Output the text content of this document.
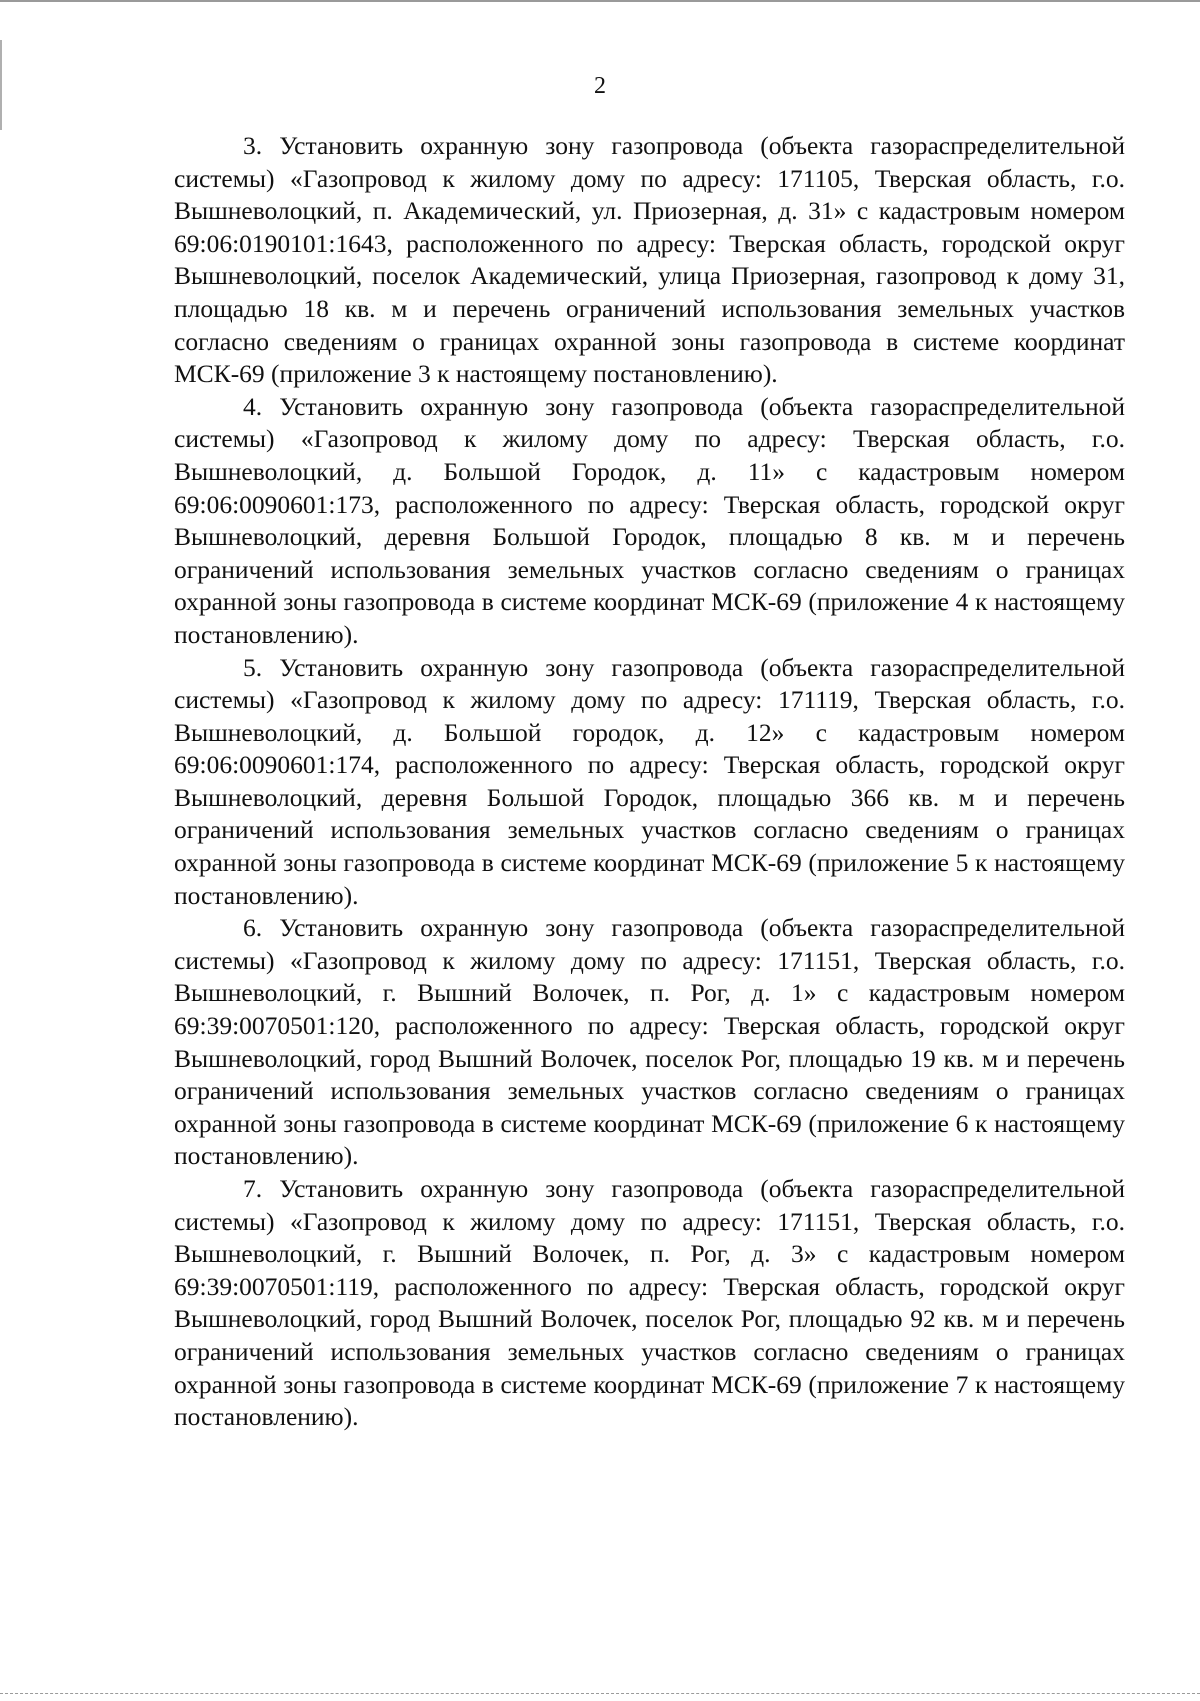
2

3. Установить охранную зону газопровода (объекта газораспределительной системы) «Газопровод к жилому дому по адресу: 171105, Тверская область, г.о. Вышневолоцкий, п. Академический, ул. Приозерная, д. 31» с кадастровым номером 69:06:0190101:1643, расположенного по адресу: Тверская область, городской округ Вышневолоцкий, поселок Академический, улица Приозерная, газопровод к дому 31, площадью 18 кв. м и перечень ограничений использования земельных участков согласно сведениям о границах охранной зоны газопровода в системе координат МСК-69 (приложение 3 к настоящему постановлению).

4. Установить охранную зону газопровода (объекта газораспределительной системы) «Газопровод к жилому дому по адресу: Тверская область, г.о. Вышневолоцкий, д. Большой Городок, д. 11» с кадастровым номером 69:06:0090601:173, расположенного по адресу: Тверская область, городской округ Вышневолоцкий, деревня Большой Городок, площадью 8 кв. м и перечень ограничений использования земельных участков согласно сведениям о границах охранной зоны газопровода в системе координат МСК-69 (приложение 4 к настоящему постановлению).

5. Установить охранную зону газопровода (объекта газораспределительной системы) «Газопровод к жилому дому по адресу: 171119, Тверская область, г.о. Вышневолоцкий, д. Большой городок, д. 12» с кадастровым номером 69:06:0090601:174, расположенного по адресу: Тверская область, городской округ Вышневолоцкий, деревня Большой Городок, площадью 366 кв. м и перечень ограничений использования земельных участков согласно сведениям о границах охранной зоны газопровода в системе координат МСК-69 (приложение 5 к настоящему постановлению).

6. Установить охранную зону газопровода (объекта газораспределительной системы) «Газопровод к жилому дому по адресу: 171151, Тверская область, г.о. Вышневолоцкий, г. Вышний Волочек, п. Рог, д. 1» с кадастровым номером 69:39:0070501:120, расположенного по адресу: Тверская область, городской округ Вышневолоцкий, город Вышний Волочек, поселок Рог, площадью 19 кв. м и перечень ограничений использования земельных участков согласно сведениям о границах охранной зоны газопровода в системе координат МСК-69 (приложение 6 к настоящему постановлению).

7. Установить охранную зону газопровода (объекта газораспределительной системы) «Газопровод к жилому дому по адресу: 171151, Тверская область, г.о. Вышневолоцкий, г. Вышний Волочек, п. Рог, д. 3» с кадастровым номером 69:39:0070501:119, расположенного по адресу: Тверская область, городской округ Вышневолоцкий, город Вышний Волочек, поселок Рог, площадью 92 кв. м и перечень ограничений использования земельных участков согласно сведениям о границах охранной зоны газопровода в системе координат МСК-69 (приложение 7 к настоящему постановлению).
